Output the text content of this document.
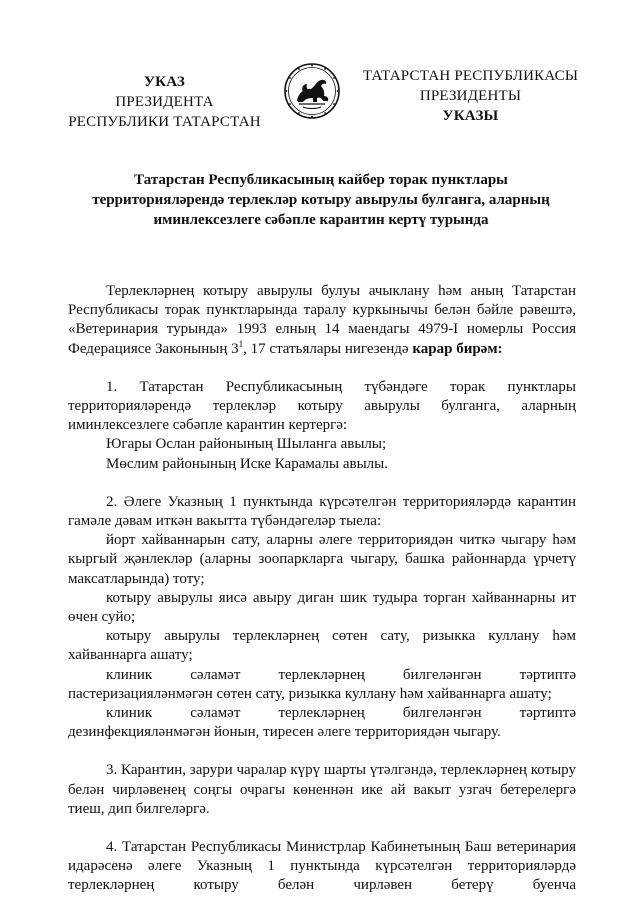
УКАЗ
ПРЕЗИДЕНТА
РЕСПУБЛИКИ ТАТАРСТАН
ТАТАРСТАН РЕСПУБЛИКАСЫ
ПРЕЗИДЕНТЫ
УКАЗЫ
Татарстан Республикасының кайбер торак пунктлары
территорияләрендә терлекләр котыру авырулы булганга, аларның
иминлексезлеге сәбәпле карантин кертү турында

Терлекләрнең котыру авырулы булуы ачыклану һәм аның Татарстан Республикасы торак пунктларында таралу куркынычы белән бәйле рәвештә, «Ветеринария турында» 1993 елның 14 маендагы 4979-I номерлы Россия Федерациясе Законының $3^1$, 17 статьялары нигезендә карар бирәм:

1. Татарстан Республикасының түбәндәге торак пунктлары территорияләрендә терлекләр котыру авырулы булганга, аларның иминлексезлеге сәбәпле карантин кертергә:

Югары Ослан районының Шыланга авылы;

Мөслим районының Иске Карамалы авылы.

2. Әлеге Указның 1 пунктында күрсәтелгән территорияләрдә карантин гамәле дәвам иткән вакытта түбәндәгеләр тыела:

йорт хайваннарын сату, аларны әлеге территориядән читкә чыгару һәм кыргый җәнлекләр (аларны зоопаркларга чыгару, башка районнарда үрчетү максатларында) тоту;

котыру авырулы яисә авыру диган шик тудыра торган хайваннарны ит өчен суйо;

котыру авырулы терлекләрнең сөтен сату, ризыкка куллану һәм хайваннарга ашату;

клиник сәламәт терлекләрнең билгеләнгән тәртиптә пастеризацияләнмәгән сөтен сату, ризыкка куллану һәм хайваннарга ашату;

клиник сәламәт терлекләрнең билгеләнгән тәртиптә дезинфекцияләнмәгән йонын, тиресен әлеге территориядән чыгару.

3. Карантин, зарури чаралар күрү шарты үтәлгәндә, терлекләрнең котыру белән чирләвенең соңгы очрагы көненнән ике ай вакыт узгач бетерелергә тиеш, дип билгеләргә.

4. Татарстан Республикасы Министрлар Кабинетының Баш ветеринария идарәсенә әлеге Указның 1 пунктында күрсәтелгән территорияләрдә терлекләрнең котыру белән чирләвен бетерү буенча
